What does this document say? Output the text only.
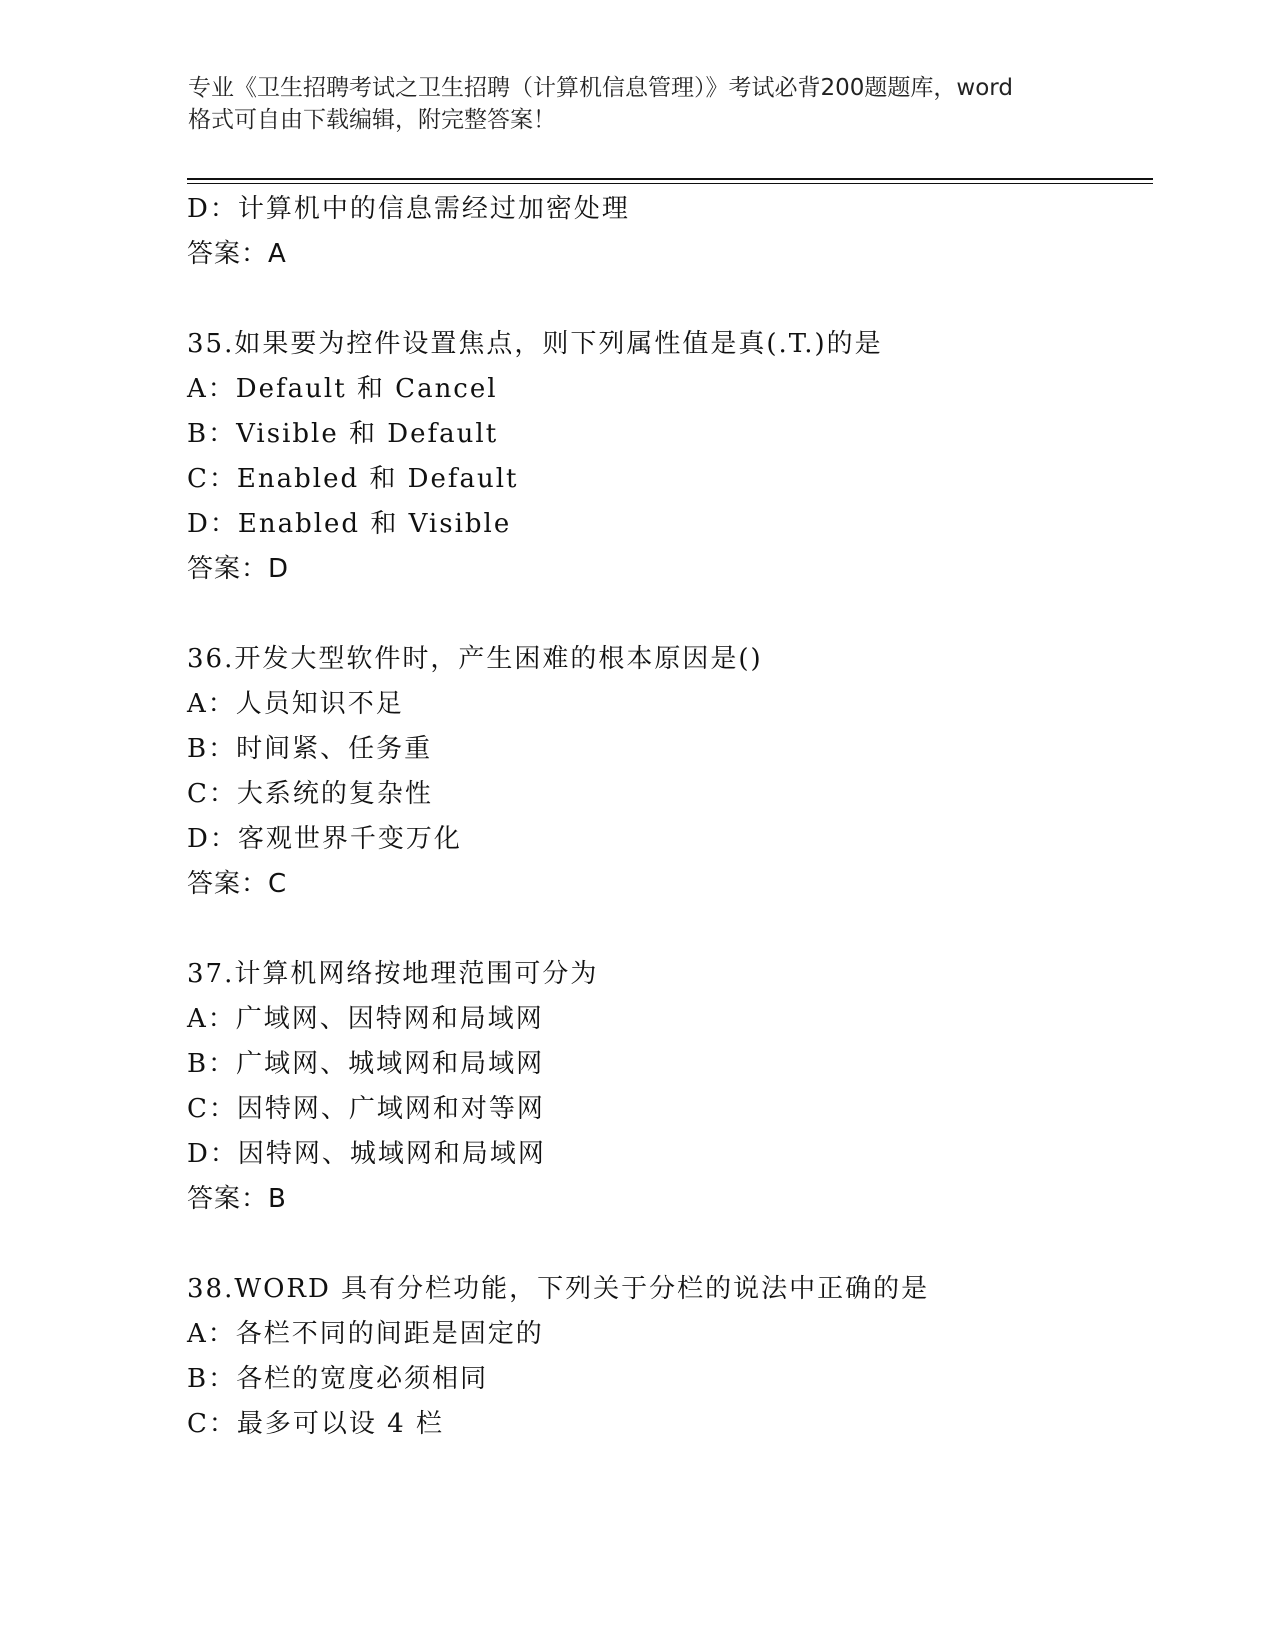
专业《卫生招聘考试之卫生招聘（计算机信息管理）》考试必背200题题库，word
格式可自由下载编辑，附完整答案！
D：计算机中的信息需经过加密处理
答案：A
35.如果要为控件设置焦点，则下列属性值是真(.T.)的是
A：Default 和 Cancel
B：Visible 和 Default
C：Enabled 和 Default
D：Enabled 和 Visible
答案：D
36.开发大型软件时，产生困难的根本原因是()
A：人员知识不足
B：时间紧、任务重
C：大系统的复杂性
D：客观世界千变万化
答案：C
37.计算机网络按地理范围可分为
A：广域网、因特网和局域网
B：广域网、城域网和局域网
C：因特网、广域网和对等网
D：因特网、城域网和局域网
答案：B
38.WORD 具有分栏功能，下列关于分栏的说法中正确的是
A：各栏不同的间距是固定的
B：各栏的宽度必须相同
C：最多可以设 4 栏
